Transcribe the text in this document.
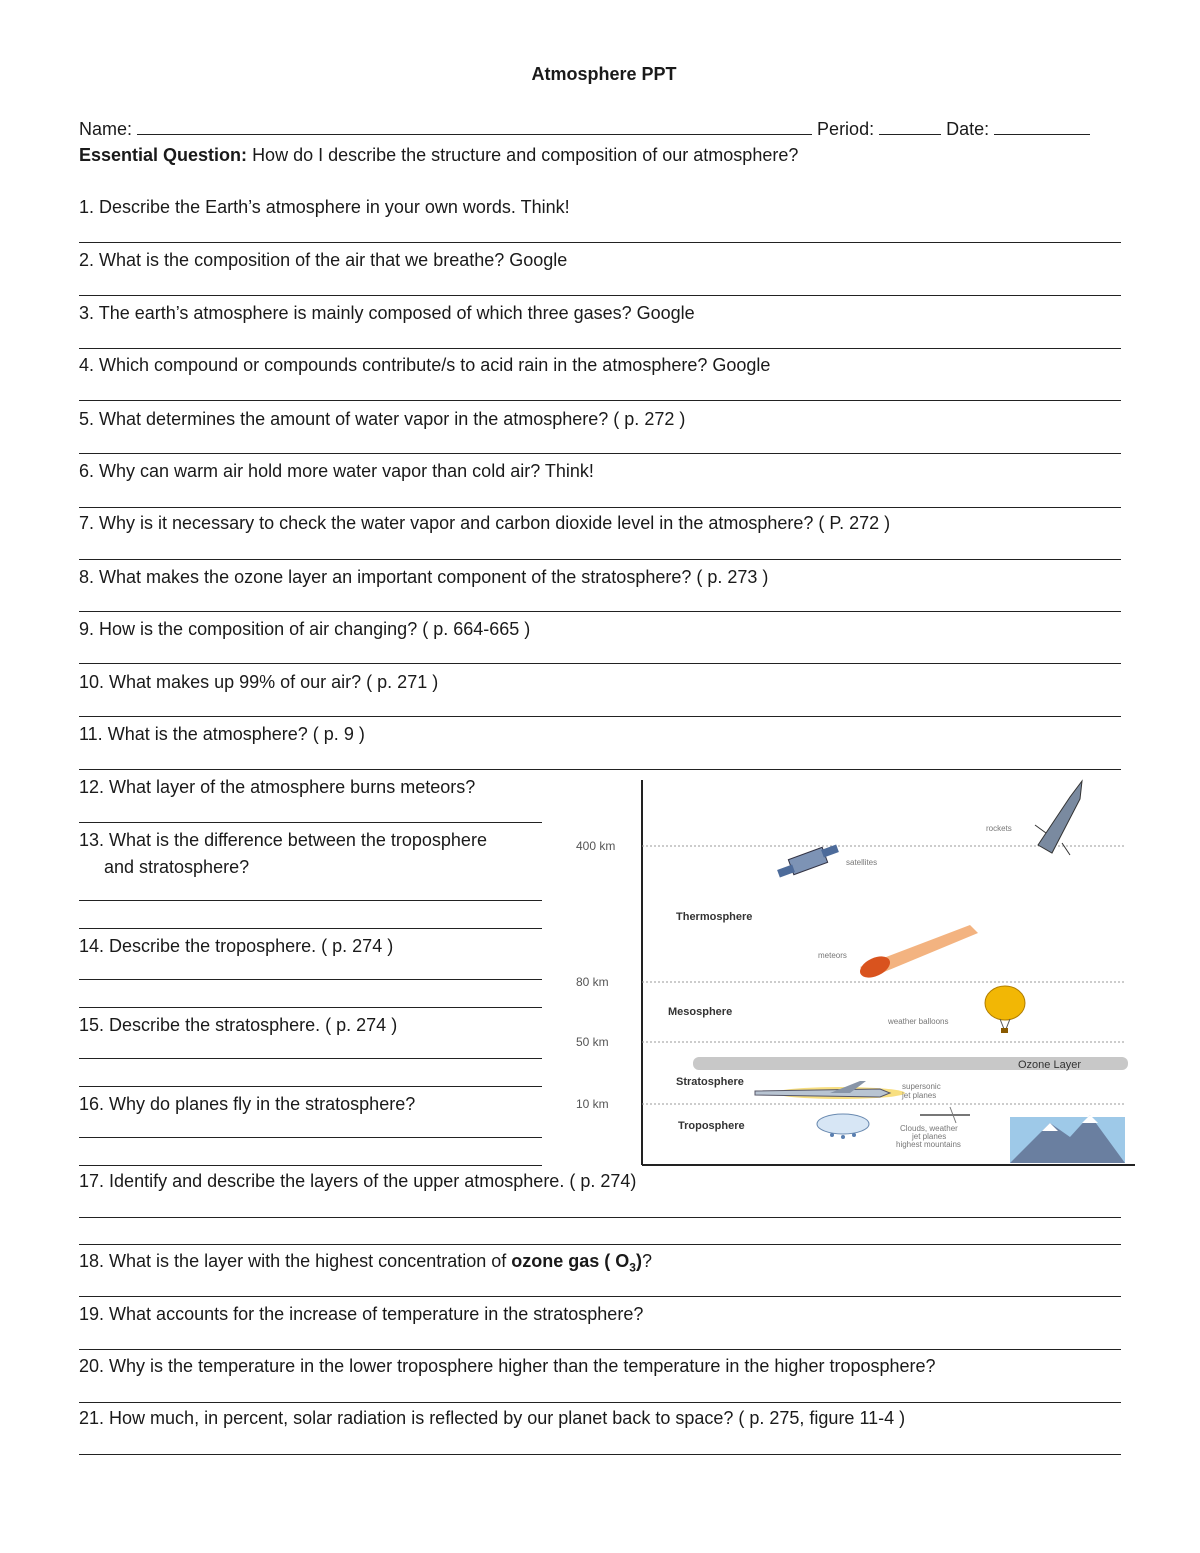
Atmosphere PPT
Name:	Period:	Date:
Essential Question: How do I describe the structure and composition of our atmosphere?
1. Describe the Earth’s atmosphere in your own words. Think!
2. What is the composition of the air that we breathe? Google
3. The earth’s atmosphere is mainly composed of which three gases? Google
4. Which compound or compounds contribute/s to acid rain in the atmosphere? Google
5. What determines the amount of water vapor in the atmosphere? ( p. 272 )
6. Why can warm air hold more water vapor than cold air? Think!
7. Why is it necessary to check the water vapor and carbon dioxide level in the atmosphere? ( P. 272 )
8. What makes the ozone layer an important component of the stratosphere? ( p. 273 )
9. How is the composition of air changing? ( p. 664-665 )
10. What makes up 99% of our air? ( p. 271 )
11. What is the atmosphere? ( p. 9 )
12. What layer of the atmosphere burns meteors?
13. What is the difference between the troposphere
and stratosphere?
14. Describe the troposphere. ( p. 274 )
15. Describe the stratosphere. ( p. 274 )
16. Why do planes fly in the stratosphere?
17. Identify and describe the layers of the upper atmosphere. ( p. 274)
18. What is the layer with the highest concentration of ozone gas ( $O_3$)?
19. What accounts for the increase of temperature in the stratosphere?
20. Why is the temperature in the lower troposphere higher than the temperature in the higher troposphere?
21. How much, in percent, solar radiation is reflected by our planet back to space? ( p. 275, figure 11-4 )
400 km
80 km
50 km
10 km
Ozone Layer
Thermosphere
Mesosphere
Stratosphere
Troposphere
rockets
satellites
meteors
weather balloons
supersonic
jet planes
Clouds, weather
jet planes
highest mountains
